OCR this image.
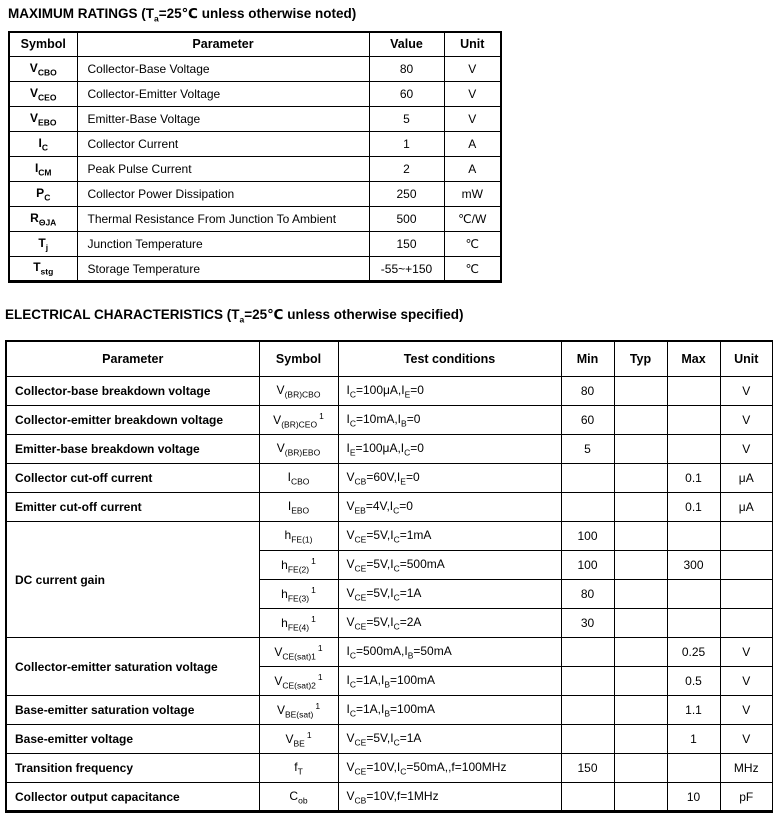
MAXIMUM RATINGS ($T_a=25℃$ unless otherwise noted)
Symbol	Parameter	Value	Unit
$V_{CBO}$	Collector-Base Voltage	80	V
$V_{CEO}$	Collector-Emitter Voltage	60	V
$V_{EBO}$	Emitter-Base Voltage	5	V
$I_C$	Collector Current	1	A
$I_{CM}$	Peak Pulse Current	2	A
$P_C$	Collector Power Dissipation	250	mW
$R_{\Theta JA}$	Thermal Resistance From Junction To Ambient	500	℃/W
$T_j$	Junction Temperature	150	℃
$T_{stg}$	Storage Temperature	-55~+150	℃
ELECTRICAL CHARACTERISTICS ($T_a=25℃$ unless otherwise specified)
Parameter	Symbol	Test conditions	Min	Typ	Max	Unit
Collector-base breakdown voltage	$V_{(BR)CBO}$	$I_C=100\mu A,I_E=0$	80			V
Collector-emitter breakdown voltage	$V_{(BR)CEO}^1$	$I_C=10mA,I_B=0$	60			V
Emitter-base breakdown voltage	$V_{(BR)EBO}$	$I_E=100\mu A,I_C=0$	5			V
Collector cut-off current	$I_{CBO}$	$V_{CB}=60V,I_E=0$			0.1	μA
Emitter cut-off current	$I_{EBO}$	$V_{EB}=4V,I_C=0$			0.1	μA
DC current gain	$h_{FE(1)}$	$V_{CE}=5V,I_C=1mA$	100			
	$h_{FE(2)}^1$	$V_{CE}=5V,I_C=500mA$	100		300	
	$h_{FE(3)}^1$	$V_{CE}=5V,I_C=1A$	80			
	$h_{FE(4)}^1$	$V_{CE}=5V,I_C=2A$	30			
Collector-emitter saturation voltage	$V_{CE(sat)1}^1$	$I_C=500mA,I_B=50mA$			0.25	V
	$V_{CE(sat)2}^1$	$I_C=1A,I_B=100mA$			0.5	V
Base-emitter saturation voltage	$V_{BE(sat)}^1$	$I_C=1A,I_B=100mA$			1.1	V
Base-emitter voltage	$V_{BE}^1$	$V_{CE}=5V,I_C=1A$			1	V
Transition frequency	$f_T$	$V_{CE}=10V,I_C=50mA,,f=100MHz$	150			MHz
Collector output capacitance	$C_{ob}$	$V_{CB}=10V,f=1MHz$			10	pF
